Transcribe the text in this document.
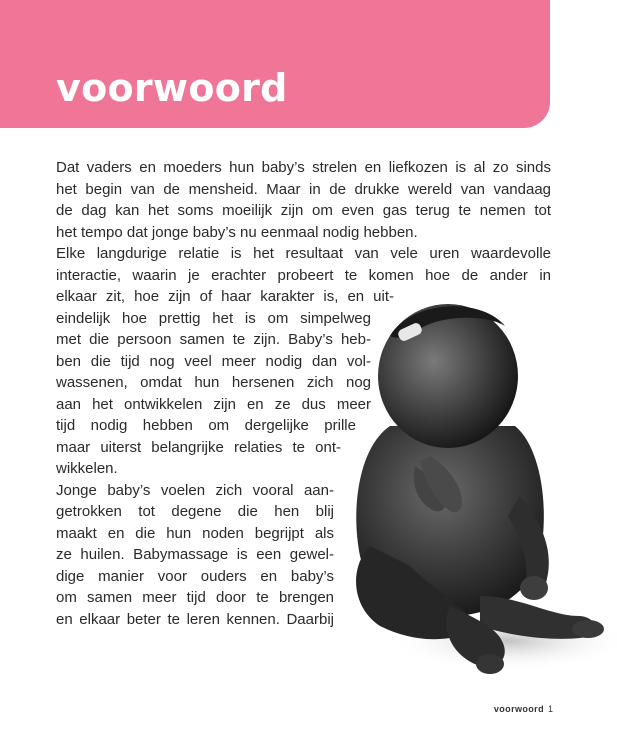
voorwoord
Dat vaders en moeders hun baby’s strelen en liefkozen is al zo sinds
het begin van de mensheid. Maar in de drukke wereld van vandaag
de dag kan het soms moeilijk zijn om even gas terug te nemen tot
het tempo dat jonge baby’s nu eenmaal nodig hebben.
Elke langdurige relatie is het resultaat van vele uren waardevolle
interactie, waarin je erachter probeert te komen hoe de ander in
elkaar zit, hoe zijn of haar karakter is, en uit-
eindelijk hoe prettig het is om simpelweg
met die persoon samen te zijn. Baby’s heb-
ben die tijd nog veel meer nodig dan vol-
wassenen, omdat hun hersenen zich nog
aan het ontwikkelen zijn en ze dus meer
tijd nodig hebben om dergelijke prille
maar uiterst belangrijke relaties te ont-
wikkelen.
Jonge baby’s voelen zich vooral aan-
getrokken tot degene die hen blij
maakt en die hun noden begrijpt als
ze huilen. Babymassage is een gewel-
dige manier voor ouders en baby’s
om samen meer tijd door te brengen
en elkaar beter te leren kennen. Daarbij
voorwoord 1
